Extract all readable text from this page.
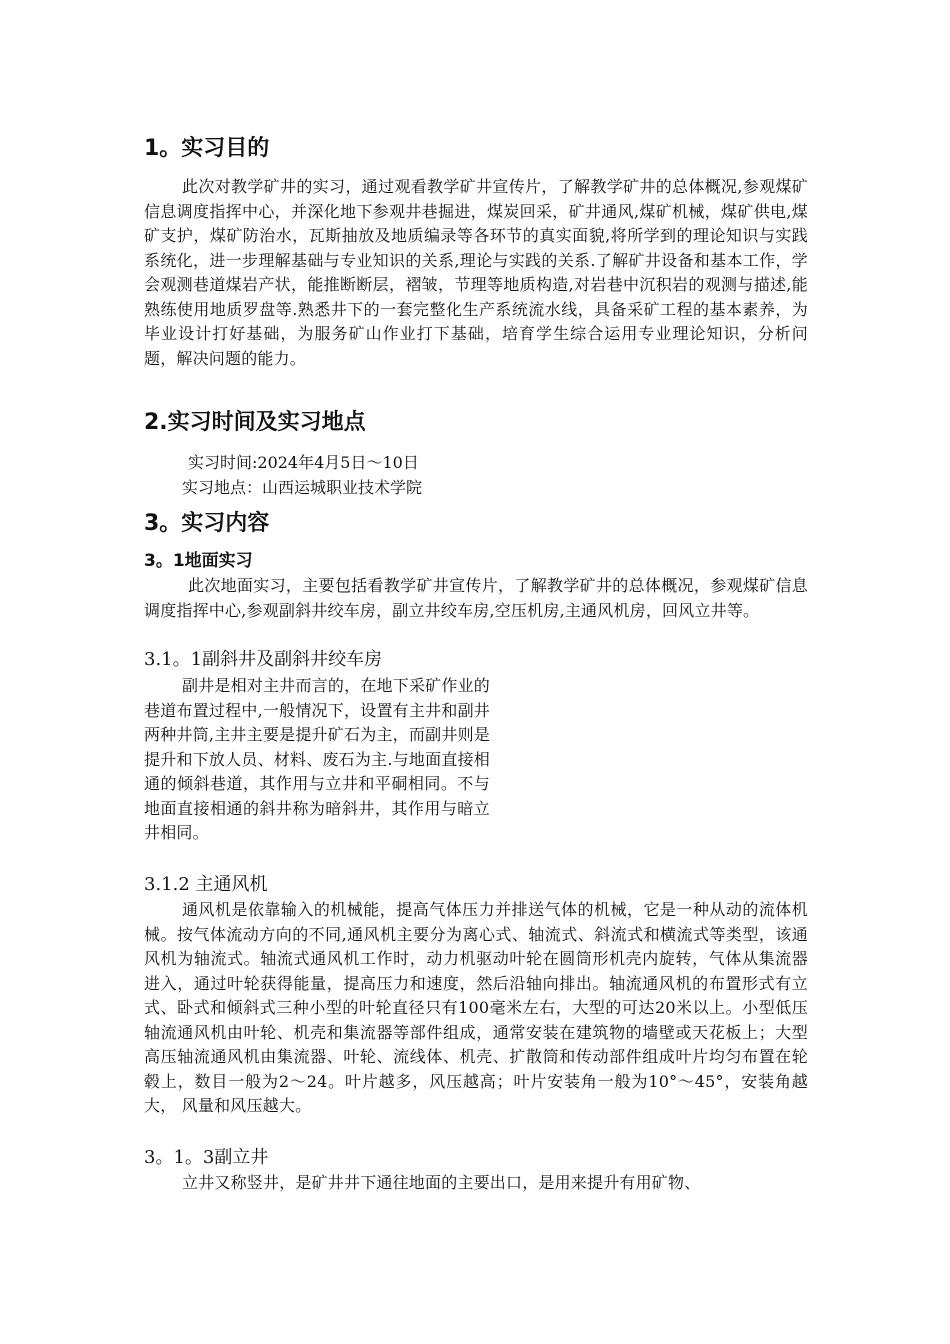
1。实习目的

此次对教学矿井的实习，通过观看教学矿井宣传片，了解教学矿井的总体概况,参观煤矿信息调度指挥中心，并深化地下参观井巷掘进，煤炭回采，矿井通风,煤矿机械，煤矿供电,煤矿支护，煤矿防治水，瓦斯抽放及地质编录等各环节的真实面貌,将所学到的理论知识与实践系统化，进一步理解基础与专业知识的关系,理论与实践的关系.了解矿井设备和基本工作，学会观测巷道煤岩产状，能推断断层，褶皱，节理等地质构造,对岩巷中沉积岩的观测与描述,能熟练使用地质罗盘等.熟悉井下的一套完整化生产系统流水线，具备采矿工程的基本素养，为毕业设计打好基础，为服务矿山作业打下基础，培育学生综合运用专业理论知识，分析问题，解决问题的能力。

2.实习时间及实习地点

实习时间:2024年4月5日～10日

实习地点：山西运城职业技术学院

3。实习内容
3。1地面实习

此次地面实习，主要包括看教学矿井宣传片，了解教学矿井的总体概况，参观煤矿信息调度指挥中心,参观副斜井绞车房，副立井绞车房,空压机房,主通风机房，回风立井等。

3.1。1副斜井及副斜井绞车房

副井是相对主井而言的，在地下采矿作业的巷道布置过程中,一般情况下，设置有主井和副井两种井筒,主井主要是提升矿石为主，而副井则是提升和下放人员、材料、废石为主.与地面直接相通的倾斜巷道，其作用与立井和平硐相同。不与地面直接相通的斜井称为暗斜井，其作用与暗立井相同。

3.1.2 主通风机

通风机是依靠输入的机械能，提高气体压力并排送气体的机械，它是一种从动的流体机械。按气体流动方向的不同,通风机主要分为离心式、轴流式、斜流式和横流式等类型，该通风机为轴流式。轴流式通风机工作时，动力机驱动叶轮在圆筒形机壳内旋转，气体从集流器进入，通过叶轮获得能量，提高压力和速度，然后沿轴向排出。轴流通风机的布置形式有立式、卧式和倾斜式三种小型的叶轮直径只有100毫米左右，大型的可达20米以上。小型低压轴流通风机由叶轮、机壳和集流器等部件组成，通常安装在建筑物的墙壁或天花板上；大型高压轴流通风机由集流器、叶轮、流线体、机壳、扩散筒和传动部件组成叶片均匀布置在轮毂上，数目一般为2～24。叶片越多，风压越高；叶片安装角一般为10°～45°，安装角越大， 风量和风压越大。

3。1。3副立井

立井又称竖井，是矿井井下通往地面的主要出口，是用来提升有用矿物、
